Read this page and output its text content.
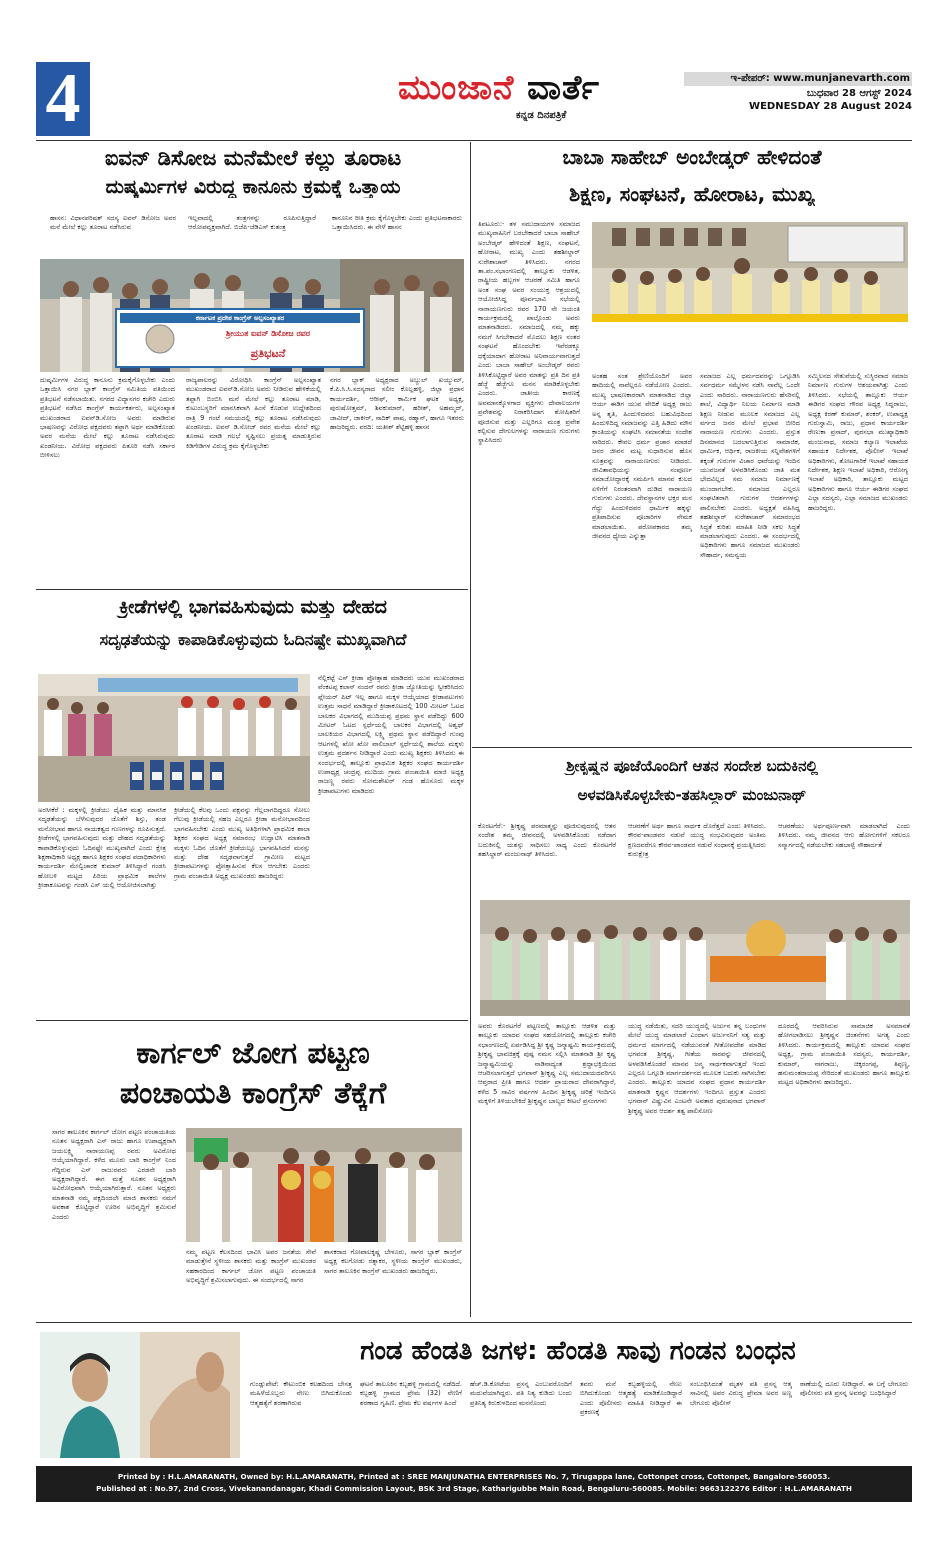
4	ಮುಂಜಾನೆ ವಾರ್ತೆ
ಕನ್ನಡ ದಿನಪತ್ರಿಕೆ
ಇ-ಪೇಪರ್: www.munjanevarth.com
ಬುಧವಾರ 28 ಆಗಸ್ಟ್ 2024
WEDNESDAY 28 August 2024
ಐವನ್ ಡಿಸೋಜ ಮನೆಮೇಲೆ ಕಲ್ಲು ತೂರಾಟ
ದುಷ್ಕರ್ಮಿಗಳ ವಿರುದ್ಧ ಕಾನೂನು ಕ್ರಮಕ್ಕೆ ಒತ್ತಾಯ
ಹಾಸನ: ವಿಧಾನಪರಿಷತ್ ಸದಸ್ಯ ಐವನ್ ಡಿಸೋಜ ಅವರ ಮನೆ ಮೇಲೆ ಕಲ್ಲು ತೂರಾಟ ನಡೆಸಿರುವ
ಇಲ್ಲವಾದಲ್ಲಿ ತಂತ್ರಗಳನ್ನು ರೂಪಿಸುತ್ತಿದ್ದಾರೆ ಆರೋಪವ್ಯಕ್ತವಾಗಿದೆ. ಬಿಜೆಪಿ-ಜೆಡಿಎಸ್ ಕುತಂತ್ರ
ಕಾನೂನಿನ ರೀತಿ ಕ್ರಮ ಕೈಗೊಳ್ಳಬೇಕು ಎಂದು ಪ್ರತಿಭಟನಾಕಾರರು ಒತ್ತಾಯಿಸಿದರು. ಈ ವೇಳೆ ಹಾಸನ
ಕರ್ನಾಟಕ ಪ್ರದೇಶ ಕಾಂಗ್ರೆಸ್ ಅಲ್ಪಸಂಖ್ಯಾತರ
ಶ್ರೀಯುತ ಐವನ್ ಡಿಸೋಜ ರವರ
ಪ್ರತಿಭಟನೆ
ದುಷ್ಕರ್ಮಿಗಳ ವಿರುದ್ಧ ಕಾನೂನು ಕ್ರಮಕೈಗೊಳ್ಳಬೇಕು ಎಂದು ಒತ್ತಾಯಿಸಿ ನಗರ ಬ್ಲಾಕ್ ಕಾಂಗ್ರೆಸ್ ಸಮಿತಿಯ ವತಿಯಿಂದ ಪ್ರತಿಭಟನೆ ನಡೆಸಲಾಯಿತು. ನಗರದ ವಿದ್ಯಾನಗರ ಕಚೇರಿ ಎದುರು ಪ್ರತಿಭಟನೆ ನಡೆಸಿದ ಕಾಂಗ್ರೆಸ್ ಕಾರ್ಯಕರ್ತರು, ಅಲ್ಪಸಂಖ್ಯಾತ ಮುಖಂಡರಾದ ಐವನ್‌ಡಿ.ಸೋಜ ಅವರು ಮಾಡಿರುವ ಭಾಷಣವನ್ನು ವಿರೋಧ ಪಕ್ಷದವರು ತಪ್ಪಾಗಿ ಅರ್ಥ ಮಾಡಿಕೊಂಡು ಅವರ ಮನೆಯ ಮೇಲೆ ಕಲ್ಲು ತೂರಾಟ ನಡೆಸಿರುವುದು ಖಂಡನೀಯ. ವಿರೋಧ ಪಕ್ಷದವರು ಪಿತೂರಿ ನಡೆಸಿ ಸರ್ಕಾರ ಬೀಳಿಸಲು
ರಾಜ್ಯಪಾಲರನ್ನು ವಿರೋಧಿಸಿ ಕಾಂಗ್ರೆಸ್ ಅಲ್ಪಸಂಖ್ಯಾತ ಮುಖಂಡರಾದ ಐವನ್‌ಡಿ.ಸೋಜ ಅವರು ನೀಡಿರುವ ಹೇಳಿಕೆಯಲ್ಲಿ ತಪ್ಪಾಗಿ ಬಿಂಬಿಸಿ ಮನೆ ಮೇಲೆ ಕಲ್ಲು ತೂರಾಟ ಮಾಡಿ, ಕುಟುಂಬಸ್ಥರಿಗೆ ಮಾನಸಿಕವಾಗಿ ಹಿಂಸೆ ಕೊಡುವ ಉದ್ದೇಶದಿಂದ ರಾತ್ರಿ 9 ಗಂಟೆ ಸಮಯದಲ್ಲಿ ಕಲ್ಲು ತೂರಾಟ ನಡೆಸಿರುವುದು ಖಂಡನೀಯ. ಐವನ್ ಡಿ.ಸೋಜ್ ರವರ ಮನೆಯ ಮೇಲೆ ಕಲ್ಲು ತೂರಾಟ ಮಾಡಿ ಗಲಭೆ ಸೃಷ್ಟಿಸಲು ಪ್ರಯತ್ನ ಮಾಡುತ್ತಿರುವ ಕಿಡಿಗೇಡಿಗಳ ವಿರುದ್ಧ ಕ್ರಮ ಕೈಗೊಳ್ಳಬೇಕು
ನಗರ ಬ್ಲಾಕ್ ಅಧ್ಯಕ್ಷರಾದ ಅಬ್ದುಲ್ ಖಯ್ಯುಮ್, ಕೆ.ಪಿ.ಸಿ.ಸಿ.ಸದಸ್ಯರಾದ ಸಲೀಂ ಕೊಲ್ಲಹಳ್ಳಿ, ಜಿಲ್ಲಾ ಪ್ರಧಾನ ಕಾರ್ಯದರ್ಶಿ, ಆರೀಫ್, ಕಾರ್ಮಿಕ ಘಟಕ ಅಧ್ಯಕ್ಷ, ಪುರುಷೋತ್ತಮ್, ಶಿವಕುಮಾರ್, ಹರೀಶ್, ಅಹಮ್ಮದ್, ಜಾವೀದ್, ಜಾಕೀರ್, ಸಾದಿಕ್ ಪಾಷ, ರಹ್ಮಾನ್, ಹಾಗೂ ಇತರರು ಹಾಜರಿದ್ದರು. ವರದಿ: ಯತೀಶ್ ಶೆಟ್ಟಿಹಳ್ಳಿ ಹಾಸನ
ಬಾಬಾ ಸಾಹೇಬ್ ಅಂಬೇಡ್ಕರ್ ಹೇಳಿದಂತೆ
ಶಿಕ್ಷಣ, ಸಂಘಟನೆ, ಹೋರಾಟ, ಮುಖ್ಯ
ತಿಪಟೂರು:- ತಳ ಸಮುದಾಯಗಳ ಸಮಾಜದ ಮುಖ್ಯವಾಹಿನಿಗೆ ಬರಬೇಕಾದರೆ ಬಾಬಾ ಸಾಹೇಬ್ ಅಂಬೇಡ್ಕರ್ ಹೇಳಿದಂತೆ ಶಿಕ್ಷಣ, ಸಂಘಟನೆ, ಹೋರಾಟ, ಮುಖ್ಯ ಎಂದು ತಹಶೀಲ್ದಾರ್ ಸುರೇಶಾಚಾರ್ ತಿಳಿಸಿದರು. ನಗರದ ತಾ.ಪಂ.ಸಭಾಂಗಣದಲ್ಲಿ ತಾಲ್ಲೂಕು ಆಡಳಿತ, ರಾಷ್ಟ್ರೀಯ ಹಬ್ಬಗಳ ಆಚರಣೆ ಸಮಿತಿ ಹಾಗೂ ಅಂತ ಸಂಘ ಅವರ ಸಂಯುಕ್ತ ಆಶ್ರಯದಲ್ಲಿ ಆಯೋಜಿಸಿದ್ದ ಪೂರ್ವಭಾವಿ ಸಭೆಯಲ್ಲಿ ನಾರಾಯಣಗುರು ರವರ 170 ನೇ ಜಯಂತಿ ಕಾರ್ಯಕ್ರಮದಲ್ಲಿ ಪಾಲ್ಗೊಂಡು ಅವರು ಮಾತನಾಡಿದರು. ಸಮಾಜದಲ್ಲಿ ನಮ್ಮ ಹಕ್ಕು ನಮಗೆ ಸಿಗಬೇಕಾದರೆ ಮೊದಲು ಶಿಕ್ಷಣ ನಂತರ ಸಂಘಟನೆ ಹೊಂದಬೇಕು ಇವೆರಡಕ್ಕೂ ಧಕ್ಕೆಯಾದಾಗ ಹೋರಾಟ ಅನಿವಾರ್ಯವಾಗುತ್ತದೆ ಎಂದು ಬಾಬಾ ಸಾಹೇಬ್ ಅಂಬೇಡ್ಕರ್ ರವರು ತಿಳಿಸಿಕೊಟ್ಟಿದ್ದಾರೆ ಅವರ ಮಾತನ್ನು ಪ್ರತಿ ದಿನ ಪ್ರತಿ ಹೆಜ್ಜೆ ಹೆಜ್ಜೆಗೂ ಮನನ ಮಾಡಿಕೊಳ್ಳಬೇಕು ಎಂದರು. ಜಾತೀಯ ಕಾರಣಕ್ಕೆ ಅವಮಾನಕ್ಕೊಳಗಾದ ವ್ಯಕ್ತಿಗಳು ದೇವಾಲಯಗಳ ಪ್ರವೇಶವನ್ನು ನಿರಾಕರಿಸಿದಾಗ ಶೋಷಿತರಿಗೆ ಪೂಜಿಸುವ ಮತ್ತು ಎಲ್ಲರಿಗೂ ಮಂತ್ರ ಪ್ರವೇಶ ಕಲ್ಪಿಸುವ ದೇಗುಲಗಳನ್ನು ನಾರಾಯಣ ಗುರುಗಳು ಸ್ಥಾಪಿಸಿದರು
ಅಂತಹ ಸಂತ ಶ್ರೇಣಿಯೊಂದಿಗೆ ಅವರ ಹಾದಿಯಲ್ಲಿ ನಾವೆಲ್ಲರೂ ನಡೆಯೋಣ ಎಂದರು. ಮುಖ್ಯ ಭಾಷಣಕಾರರಾಗಿ ಮಾತನಾಡಿದ ಜಿಲ್ಲಾ ಆರ್ಯ ಈಡಿಗ ಯುವ ವೇದಿಕೆ ಅಧ್ಯಕ್ಷ ರಾಜು ಅನ್ನ ತೃತಿ, ಹಿಂದುಳಿದವರು ಬಹುವಿಧದಿಂದ ಹಿಂದುಳಿದಿದ್ದ ಸಮಾಜವನ್ನು ಎತ್ತಿ ಹಿಡಿದು ಮೌನ ಕ್ರಾಂತಿಯನ್ನು ಸಂಘಟಿಸಿ ಸಮಾನತೆಯ ಸಂದೇಶ ಸಾರಿದರು. ಕೇವಲ ಧರ್ಮ ಪ್ರಚಾರ ಮಾಡದೆ ಜನರ ಜೀವನ ಮಟ್ಟ ಸುಧಾರಿಸುವ ಹೊಸ ಸೂತ್ರವನ್ನು ನಾರಾಯಣಗುರು ನೀಡಿದರು. ಜೀವಿತಾವಧಿಯನ್ನು ಸಂಪೂರ್ಣ ಸಮಾಜೋದ್ಧಾರಕ್ಕೆ ಸಮರ್ಪಿಸಿ ಮಾನವ ಕುಲದ ಏಳಿಗೆಗೆ ನಿರಂತರವಾಗಿ ದುಡಿದ ನಾರಾಯಣ ಗುರುಗಳು ಎಂದರು. ದೇವಸ್ಥಾನಗಳ ಭಕ್ತರ ಮನ ಗೆದ್ದು ಹಿಂದುಳಿದವರ ಧಾರ್ಮಿಕ ಹಕ್ಕನ್ನು ಪ್ರತಿಪಾದಿಸುವ ಪೂಜಾರಿಗಳ ನೇಮಕ ಮಾಡಲಾಯಿತು. ಪರೋಪಕಾರದ ತಮ್ಮ ಜೀವನದ ಧ್ಯೇಯ ಎನ್ನುತ್ತಾ
ಸಮಾಜದ ಎಲ್ಲ ಧರ್ಮದವರನ್ನು ಒಗ್ಗೂಡಿಸಿ ಸರ್ವಧರ್ಮ ಸಮ್ಮೇಳನ ನಡೆಸಿ ನಾವೆಲ್ಲ ಒಂದೇ ಎಂದು ಸಾರಿದರು. ನಾರಾಯಣಗುರು ಹೆಸರಿನಲ್ಲಿ ಶಾಲೆ, ವಿದ್ಯಾರ್ಥಿ ನಿಲಯ ನಿರ್ಮಾಣ ಮಾಡಿ ಶಿಕ್ಷಣ ನೀಡುವ ಮೂಲಕ ಸಮಾಜದ ಎಲ್ಲ ವರ್ಗದ ಜನರ ಮೇಲೆ ಪ್ರಭಾವ ಬೀರಿದ ನಾರಾಯಣ ಗುರುಗಳು ಎಂದರು. ಪ್ರಸ್ತುತ ದಿನಮಾನದ ಬದಲಾಗುತ್ತಿರುವ ಸಾಮಾಜಿಕ, ಧಾರ್ಮಿಕ, ಆರ್ಥಿಕ, ರಾಜಕೀಯ ಸನ್ನಿವೇಶಗಳಿಗೆ ತಕ್ಕಂತೆ ಗುರುಗಳ ವಿಚಾರ ಧಾರೆಯನ್ನು ಇಂದಿನ ಯುವಜನತೆ ಅಳವಡಿಸಿಕೊಂಡು ಜಾತಿ ಮತ ಭೇದವಿಲ್ಲದ ಸಮ ಸಮಾಜ ನಿರ್ಮಾಣಕ್ಕೆ ಮುಂದಾಗಬೇಕು. ಸಮಾಜದ ಎಲ್ಲರೂ ಸಂಘಟಿತರಾಗಿ ಗುರುಗಳ ಆದರ್ಶಗಳನ್ನು ಪಾಲಿಸಬೇಕು ಎಂದರು. ಅಧ್ಯಕ್ಷತೆ ವಹಿಸಿದ್ದ ತಹಶೀಲ್ದಾರ್ ಸುರೇಶಾಚಾರ್ ಸಮಾರಂಭದ ಸಿದ್ಧತೆ ಕುರಿತು ಮಾಹಿತಿ ನೀಡಿ ಸಕಲ ಸಿದ್ಧತೆ ಮಾಡಲಾಗುವುದು ಎಂದರು. ಈ ಸಂದರ್ಭದಲ್ಲಿ ಅಧಿಕಾರಿಗಳು ಹಾಗೂ ಸಮಾಜದ ಮುಖಂಡರು ಸೌಹಾರ್ದ, ಸಮನ್ವಯ
ಸಮ್ಮಿಲನದ ಸೇತುವೆಯಲ್ಲಿ ಸುಸ್ಥಿರವಾದ ಸಮಾಜ ನಿರ್ಮಾಣ ಗುರುಗಳ ಆಶಯವಾಗಿತ್ತು ಎಂದು ತಿಳಿಸಿದರು. ಸಭೆಯಲ್ಲಿ ತಾಲ್ಲೂಕು ಆರ್ಯ ಈಡಿಗರ ಸಂಘದ ಗೌರವ ಅಧ್ಯಕ್ಷ ಸಿದ್ದರಾಜು, ಅಧ್ಯಕ್ಷ ಕಿರಣ್ ಕುಮಾರ್, ಶಂಕರ್, ಉಪಾಧ್ಯಕ್ಷ ಗುರುಸ್ವಾಮಿ, ರಾಜು, ಪ್ರಧಾನ ಕಾರ್ಯದರ್ಶಿ ರೇಣುಕಾ ಪ್ರಸಾದ್, ಪುರಸಭಾ ಮುಖ್ಯಾಧಿಕಾರಿ ಮಂಜುನಾಥ, ಸಮಾಜ ಕಲ್ಯಾಣ ಇಲಾಖೆಯ ಸಹಾಯಕ ನಿರ್ದೇಶಕ, ಪೊಲೀಸ್ ಇಲಾಖೆ ಅಧಿಕಾರಿಗಳು, ತೋಟಗಾರಿಕೆ ಇಲಾಖೆ ಸಹಾಯಕ ನಿರ್ದೇಶಕ, ಶಿಕ್ಷಣ ಇಲಾಖೆ ಅಧಿಕಾರಿ, ಆರೋಗ್ಯ ಇಲಾಖೆ ಅಧಿಕಾರಿ, ತಾಲ್ಲೂಕು ಮಟ್ಟದ ಅಧಿಕಾರಿಗಳು ಹಾಗೂ ಆರ್ಯ ಈಡಿಗರ ಸಂಘದ ಎಲ್ಲಾ ಸದಸ್ಯರು, ಎಲ್ಲಾ ಸಮಾಜದ ಮುಖಂಡರು ಹಾಜರಿದ್ದರು.
ಕ್ರೀಡೆಗಳಲ್ಲಿ ಭಾಗವಹಿಸುವುದು ಮತ್ತು ದೇಹದ
ಸದೃಢತೆಯನ್ನು ಕಾಪಾಡಿಕೊಳ್ಳುವುದು ಓದಿನಷ್ಟೇ ಮುಖ್ಯವಾಗಿದೆ
ನೆಲ್ಲಿಕಟ್ಟೆ ಎಸ್ ಕ್ರೀಡಾ ಪ್ರೋತ್ಸಾಹ ಮಾಡಿದರು ಯುವ ಮುಖಂಡರಾದ ವೆಂಕಟಪ್ಪ ಕಲಾನ್ ನಂದನ್ ರವರು ಕ್ರೀಡಾ ಜ್ಯೋತಿಯನ್ನು ಸ್ವೀಕರಿಸಿದರು ಪ್ಲೇಯರ್ ಪಿಟ್ ಇಲ್ಲ ಹಾಗೂ ಮಕ್ಕಳ ಆಯ್ಕೆಯಾದ ಕ್ರೀಡಾಪಟುಗಳು ಉತ್ತಮ ಸಾಧನೆ ಮಾಡಿದ್ದಾರೆ ಕ್ರೀಡಾಕೂಟದಲ್ಲಿ 100 ಮೀಟರ್ ಓಟದ ಬಾಲಕರ ವಿಭಾಗದಲ್ಲಿ ಮುದಿಯಪ್ಪ ಪ್ರಥಮ ಸ್ಥಾನ ಪಡೆದಿದ್ದು 600 ಮೀಟರ್ ಓಟದ ಸ್ಪರ್ಧೆಯಲ್ಲಿ ಬಾಲಕರ ವಿಭಾಗದಲ್ಲಿ ಅಶ್ವಥ್ ಬಾಲಕಿಯರ ವಿಭಾಗದಲ್ಲಿ ಲಕ್ಷ್ಮಿ ಪ್ರಥಮ ಸ್ಥಾನ ಪಡೆದಿದ್ದಾರೆ ಗುಂಪು ಆಟಗಳಲ್ಲಿ ಖೋ ಖೋ ವಾಲಿಬಾಲ್ ಸ್ಪರ್ಧೆಯಲ್ಲಿ ಶಾಲೆಯ ಮಕ್ಕಳು ಉತ್ತಮ ಪ್ರದರ್ಶನ ನೀಡಿದ್ದಾರೆ ಎಂದು ಮುಖ್ಯ ಶಿಕ್ಷಕರು ತಿಳಿಸಿದರು ಈ ಸಂದರ್ಭದಲ್ಲಿ ತಾಲ್ಲೂಕು ಪ್ರಾಥಮಿಕ ಶಿಕ್ಷಕರ ಸಂಘದ ಕಾರ್ಯದರ್ಶಿ ಉಪಾಧ್ಯಕ್ಷ ಚಂದ್ರಪ್ಪ ಮುದಿಯ ಗ್ರಾಮ ಪಂಚಾಯಿತಿ ಮಾಜಿ ಅಧ್ಯಕ್ಷ ರಾಜಣ್ಣ ರವರು ಸೋಮಶೇಖರ್ ಗಂಡ ಹೊಸೂರು ಮಕ್ಕಳ ಕ್ರೀಡಾಪಟುಗಳು ಮಾಡಿದರು
ಅರಸೀಕೆರೆ : ಮಕ್ಕಳಲ್ಲಿ ಕ್ರೀಡೆಯು ದೈಹಿಕ ಮತ್ತು ಮಾನಸಿಕ ಸದೃಢತೆಯನ್ನು ಬೆಳೆಸುವುದರ ಜೊತೆಗೆ ಶಿಸ್ತು, ತಂಡ ಮನೋಭಾವ ಹಾಗೂ ನಾಯಕತ್ವದ ಗುಣಗಳನ್ನು ರೂಪಿಸುತ್ತದೆ. ಕ್ರೀಡೆಗಳಲ್ಲಿ ಭಾಗವಹಿಸುವುದು ಮತ್ತು ದೇಹದ ಸದೃಢತೆಯನ್ನು ಕಾಪಾಡಿಕೊಳ್ಳುವುದು ಓದಿನಷ್ಟೇ ಮುಖ್ಯವಾಗಿದೆ ಎಂದು ಕ್ಷೇತ್ರ ಶಿಕ್ಷಣಾಧಿಕಾರಿ ಅಧ್ಯಕ್ಷ ಹಾಗೂ ಶಿಕ್ಷಕರ ಸಂಘದ ಪದಾಧಿಕಾರಿಗಳು ಕಾರ್ಯದರ್ಶಿ ಮೇಲ್ವಿಚಾರಕ ಕುಮಾರ್ ತಿಳಿಸಿದ್ದಾರೆ ಗಂಡಸಿ ಹೋಬಳಿ ಮಟ್ಟದ ಪಿರಿಯ ಪ್ರಾಥಮಿಕ ಶಾಲೆಗಳ ಕ್ರೀಡಾಕೂಟವನ್ನು ಗಂಡಸಿ ಎಸ್ ಯಲ್ಲಿ ಆಯೋಜಿಸಲಾಗಿತ್ತು
ಕ್ರೀಡೆಯಲ್ಲಿ ಕೆಲವು ಒಂದು ಪಕ್ಷವನ್ನು ಗೆಲ್ಲಲಾಗದಿದ್ದರೂ ಸೋಲು ಗೆಲುವು ಕ್ರೀಡೆಯಲ್ಲಿ ಸಹಜ ಎಲ್ಲರೂ ಕ್ರೀಡಾ ಮನೋಭಾವದಿಂದ ಭಾಗವಹಿಸಬೇಕು ಎಂದು ಮುಖ್ಯ ಅತಿಥಿಗಳಾಗಿ ಪ್ರಾಥಮಿಕ ಶಾಲಾ ಶಿಕ್ಷಕರ ಸಂಘದ ಅಧ್ಯಕ್ಷ ಸಮಾರಂಭ ಉದ್ಘಾಟಿಸಿ ಮಾತನಾಡಿ ಮಕ್ಕಳು ಓದಿನ ಜೊತೆಗೆ ಕ್ರೀಡೆಯಲ್ಲೂ ಭಾಗವಹಿಸಿದರೆ ಮನಸ್ಸು ಮತ್ತು ದೇಹ ಸದೃಢವಾಗುತ್ತದೆ ಗ್ರಾಮೀಣ ಮಟ್ಟದ ಕ್ರೀಡಾಪಟುಗಳನ್ನು ಪ್ರೋತ್ಸಾಹಿಸುವ ಕೆಲಸ ಆಗಬೇಕು ಎಂದರು ಗ್ರಾಮ ಪಂಚಾಯಿತಿ ಅಧ್ಯಕ್ಷ ಮುಖಂಡರು ಹಾಜರಿದ್ದರು
ಶ್ರೀಕೃಷ್ಣನ ಪೂಜೆಯೊಂದಿಗೆ ಆತನ ಸಂದೇಶ ಬದುಕಿನಲ್ಲಿ
ಅಳವಡಿಸಿಕೊಳ್ಳಬೇಕು-ತಹಸಿಲ್ದಾರ್ ಮಂಜುನಾಥ್
ಕೊರಟಗೆರೆ:- ಶ್ರೀಕೃಷ್ಣ ಪರಮಾತ್ಮನ್ನು ಪೂಜಿಸುವುದರಲ್ಲಿ ಆತನ ಸಂದೇಶ ತಮ್ಮ ಜೀವನದಲ್ಲಿ ಅಳವಡಿಸಿಕೊಂಡು ನಡೆದಾಗ ಬದುಕಿನಲ್ಲಿ ಯಶಸ್ಸು ಸಾಧಿಸಲು ಸಾಧ್ಯ ಎಂದು ಕೊರಟಗೆರೆ ತಹಸಿಲ್ದಾರ್ ಮಂಜುನಾಥ್ ತಿಳಿಸಿದರು.
ಆಚರಣೆಗೆ ಅರ್ಥ ಹಾಗೂ ಸಾರ್ಥಕ ದೊರೆತ್ತದೆ ಎಂದು ತಿಳಿಸಿದರು. ಕೌರವ-ಪಾಂಡವರ ನಡುವೆ ಯುದ್ಧ ಸಂಭವಿಸುವುದರ ಅಂತಿಮ ಕ್ಷಣದವರೆಗೂ ಕೌರವ-ಪಾಂಡವರ ನಡುವೆ ಸಂಧಾನಕ್ಕೆ ಪ್ರಯತ್ನಿಸಿದರು ಕುರುಕ್ಷೇತ್ರ
ಆಚರಣೆಯು ಅರ್ಥಪೂರ್ಣವಾಗಿ ಮಾಡಲಾಗಿದೆ ಎಂದು ತಿಳಿಸಿದರು. ನಮ್ಮ ಜೀವನದ ಆಗು ಹೋಗುಗಳಿಗೆ ಸಕಲರೂ ಸನ್ಮಾರ್ಗದಲ್ಲಿ ನಡೆಯಬೇಕು ಸಹಬಾಳ್ವೆ ಸೌಹಾರ್ದತೆ
ಅವರು ಕೊರಟಗೆರೆ ಪಟ್ಟಣದಲ್ಲಿ ತಾಲ್ಲೂಕು ಆಡಳಿತ ಮತ್ತು ತಾಲ್ಲೂಕು ಯಾದವ ಸಂಘದ ಸಹಯೋಗದಲ್ಲಿ ತಾಲ್ಲೂಕು ಕಚೇರಿ ಸಭಾಂಗಣದಲ್ಲಿ ಏರ್ಪಡಿಸಿದ್ದ ಶ್ರೀ ಕೃಷ್ಣ ಜನ್ಮಾಷ್ಟಮಿ ಕಾರ್ಯಕ್ರಮದಲ್ಲಿ ಶ್ರೀಕೃಷ್ಣ ಭಾವಚಿತ್ರಕ್ಕೆ ಪುಷ್ಪ ನಮನ ಸಲ್ಲಿಸಿ ಮಾತನಾಡಿ ಶ್ರೀ ಕೃಷ್ಣ ಜನ್ಮಾಷ್ಟಮಿಯನ್ನು ನಾಡಿನಾದ್ಯಂತ ಶ್ರದ್ಧಾಭಕ್ತಿಯಿಂದ ಆಚರಿಸಲಾಗುತ್ತದೆ ಭಗವಾನ್ ಶ್ರೀಕೃಷ್ಣ ಎಲ್ಲ ಸಮುದಾಯದವರಿಗೂ ಆಪ್ತರಾದ ಪ್ರೀತಿ ಹಾಗೂ ಆದರ್ಶ ಪ್ರಾಯರಾದ ದೇವರಾಗಿದ್ದಾರೆ, ಕಳೆದ 5 ಸಾವಿರ ವರ್ಷಗಳ ಹಿಂದಿನ ಶ್ರೀಕೃಷ್ಣ ಚರಿತ್ರೆ ಇಂದಿಗೂ ಮಕ್ಕಳಿಗೆ ತಿಳಿಯಬೇಕಿದೆ ಶ್ರೀಕೃಷ್ಣನ ಬಾಲ್ಯದ ಕೀಟಲೆ ಪ್ರಸಂಗಗಳು
ಯುದ್ಧ ನಡೆಯಿತು, ಸದರಿ ಯುದ್ಧದಲ್ಲಿ ಅರ್ಜುನ ತನ್ನ ಬಂಧುಗಳ ಮೇಲೆ ಯುದ್ಧ ಮಾಡಲಾರೆ ಎಂದಾಗ ಅರ್ಜುನನಿಗೆ ಸತ್ಯ ಮತ್ತು ಧರ್ಮದ ಮಾರ್ಗದಲ್ಲಿ ನಡೆಯುವಂತೆ ಗೀತೋಪದೇಶ ಮಾಡಿದ ಭಗವಂತ ಶ್ರೀಕೃಷ್ಣ, ಗೀತೆಯ ಸಾರವನ್ನು ಜೀವನದಲ್ಲಿ ಅಳವಡಿಸಿಕೊಂಡರೆ ಮಾನವ ಜನ್ಮ ಸಾರ್ಥಕವಾಗುತ್ತದೆ ಇಂದು ಎಲ್ಲರೂ ಒಗ್ಗೂಡಿ ಮಾರ್ಗದರ್ಶನದ ಮೂಲಕ ಬದುಕು ಸಾಗಿಸಬೇಕು ಎಂದರು. ತಾಲ್ಲೂಕು ಯಾದವ ಸಂಘದ ಪ್ರಧಾನ ಕಾರ್ಯದರ್ಶಿ ಮಾತನಾಡಿ ಕೃಷ್ಣನ ಆದರ್ಶಗಳು ಇಂದಿಗೂ ಪ್ರಸ್ತುತ ಎಂದರು ಭಗವಾನ್ ವಿಷ್ಣುವಿನ ಎಂಟನೇ ಅವತಾರ ಪುರುಷನಾದ ಭಗವಾನ್ ಶ್ರೀಕೃಷ್ಣ ಅವರ ಆದರ್ಶ ತತ್ವ ಪಾಲಿಸೋಣ
ದೂರದಲ್ಲಿ ಆವರಿಸಿರುವ ಸಾಮಾಜಿಕ ಅಸಮಾನತೆ ಹೋಗಲಾಡಿಸಲು ಶ್ರೀಕೃಷ್ಣನ ಚಿಂತನೆಗಳು ಅಗತ್ಯ ಎಂದು ತಿಳಿಸಿದರು. ಕಾರ್ಯಕ್ರಮದಲ್ಲಿ ತಾಲ್ಲೂಕು ಯಾದವ ಸಂಘದ ಅಧ್ಯಕ್ಷ, ಗ್ರಾಮ ಪಂಚಾಯಿತಿ ಸದಸ್ಯರು, ಕಾರ್ಯದರ್ಶಿ, ಕುಮಾರ್, ನಾಗರಾಜು, ಚಿಕ್ಕರಂಗಪ್ಪ, ತಿಪ್ಪಣ್ಣ, ಹನುಮಂತರಾಯಪ್ಪ ಸೇರಿದಂತೆ ಮುಖಂಡರು ಹಾಗೂ ತಾಲ್ಲೂಕು ಮಟ್ಟದ ಅಧಿಕಾರಿಗಳು ಹಾಜರಿದ್ದರು.
ಕಾರ್ಗಲ್ ಜೋಗ ಪಟ್ಟಣ
ಪಂಚಾಯತಿ ಕಾಂಗ್ರೆಸ್ ತೆಕ್ಕೆಗೆ
ಸಾಗರ ತಾಲೂಕಿನ ಕಾರ್ಗಲ್ ಜೋಗ ಪಟ್ಟಣ ಪಂಚಾಯತಿಯ ನೂತನ ಅಧ್ಯಕ್ಷರಾಗಿ ಎಸ್ ರಾಜು ಹಾಗೂ ಉಪಾಧ್ಯಕ್ಷರಾಗಿ ಜಯಲಕ್ಷ್ಮಿ ನಾರಾಯಣಪ್ಪ ರವರು ಅವಿರೋಧ ಆಯ್ಕೆಯಾಗಿದ್ದಾರೆ. ಕಳೆದ ಮೂರು ಬಾರಿ ಕಾಂಗ್ರೆಸ್ ನಿಂದ ಗೆದ್ದಿರುವ ಎಸ್ ರಾಜುರವರು ಎರಡನೇ ಬಾರಿ ಅಧ್ಯಕ್ಷರಾಗಿದ್ದಾರೆ. ಈಗ ಮತ್ತೆ ನೂತನ ಅಧ್ಯಕ್ಷರಾಗಿ ಅವಿರೋಧವಾಗಿ ಆಯ್ಕೆಯಾಗಿರುತ್ತಾರೆ. ನೂತನ ಅಧ್ಯಕ್ಷರು ಮಾತನಾಡಿ ನಮ್ಮ ಪಕ್ಷದಿಂದಲೇ ಮಾಜಿ ಶಾಸಕರು ನಮಗೆ ಅವಕಾಶ ಕೊಟ್ಟಿದ್ದಾರೆ ಊರಿನ ಅಭಿವೃದ್ಧಿಗೆ ಶ್ರಮಿಸುವೆ ಎಂದರು
ನಮ್ಮ ಪಟ್ಟಣ ಕೆಲಸದಿಂದ ಭಾವಿಸಿ ಅವರ ಜನತೆಯ ಸೇವೆ ಮಾಡುತ್ತೇನೆ ಸ್ಥಳೀಯ ಶಾಸಕರು ಮತ್ತು ಕಾಂಗ್ರೆಸ್ ಮುಖಂಡರ ಸಹಕಾರದಿಂದ ಕಾರ್ಗಲ್ ಜೋಗ ಪಟ್ಟಣ ಪಂಚಾಯತಿ ಅಭಿವೃದ್ಧಿಗೆ ಶ್ರಮಿಸಲಾಗುವುದು. ಈ ಸಂದರ್ಭದಲ್ಲಿ ಸಾಗರ
ಶಾಸಕರಾದ ಗೋಪಾಲಕೃಷ್ಣ ಬೇಳೂರು, ಸಾಗರ ಬ್ಲಾಕ್ ಕಾಂಗ್ರೆಸ್ ಅಧ್ಯಕ್ಷ ಕಲಗೋಡು ರತ್ನಾಕರ, ಸ್ಥಳೀಯ ಕಾಂಗ್ರೆಸ್ ಮುಖಂಡರು, ಸಾಗರ ತಾಲೂಕಿನ ಕಾಂಗ್ರೆಸ್ ಮುಖಂಡರು ಹಾಜರಿದ್ದರು.
ಗಂಡ ಹೆಂಡತಿ ಜಗಳ: ಹೆಂಡತಿ ಸಾವು ಗಂಡನ ಬಂಧನ
ಗುಂಡ್ಲುಪೇಟೆ: ಕೌಟುಂಬಿಕ ಕಲಹದಿಂದ ಬೇಸತ್ತ ಮಹಿಳೆಯೊಬ್ಬರು ನೇಣು ಬಿಗಿದುಕೊಂಡು ಆತ್ಮಹತ್ಯೆಗೆ ಶರಣಾಗಿರುವ
ಘಟನೆ ತಾಲೂಕಿನ ಕಬ್ಬಹಳ್ಳಿ ಗ್ರಾಮದಲ್ಲಿ ನಡೆದಿದೆ. ಕಬ್ಬಹಳ್ಳಿ ಗ್ರಾಮದ ಪ್ರೇಮ (32) ನೇಣಿಗೆ ಶರಣಾದ ಗೃಹಿಣಿ. ಪ್ರೇಮ ಕೆಲ ವರ್ಷಗಳ ಹಿಂದೆ
ಹೆಚ್.ಡಿ.ಕೋಟೆಯ ಪ್ರಸನ್ನ ಎಂಬುವರೊಂದಿಗೆ ಮದುವೆಯಾಗಿದ್ದರು. ಪತಿ ನಿತ್ಯ ಕುಡಿದು ಬಂದು ಪ್ರತಿನಿತ್ಯ ಕಿರುಕುಳದಿಂದ ಮನನೊಂದು
ತವರು ಮನೆ ಕಬ್ಬಹಳ್ಳಿಯಲ್ಲಿ ನೇಣು ಬಿಗಿದುಕೊಂಡು ಆತ್ಮಹತ್ಯೆ ಮಾಡಿಕೊಂಡಿದ್ದಾರೆ ಎಂದು ಪೊಲೀಸರು ಮಾಹಿತಿ ನೀಡಿದ್ದಾರೆ ಈ ಪ್ರಕರಣಕ್ಕೆ
ಸಂಬಂಧಿಸಿದಂತೆ ಮೃತಳ ಪತಿ ಪ್ರಸನ್ನ ಆತ್ಮ ಸಾವಿನಲ್ಲಿ ಅವರ ವಿರುದ್ಧ ಪ್ರೇಮಾ ಅವರ ಅಣ್ಣ ಬೇಗೂರು ಪೊಲೀಸ್
ಠಾಣೆಯಲ್ಲಿ ದೂರು ನೀಡಿದ್ದಾರೆ. ಈ ಬಗ್ಗೆ ಬೇಗೂರು ಪೊಲೀಸರು ಪತಿ ಪ್ರಸನ್ನ ಅವರನ್ನು ಬಂಧಿಸಿದ್ದಾರೆ
Printed by : H.L.AMARANATH, Owned by: H.L.AMARANATH, Printed at : SREE MANJUNATHA ENTERPRISES No. 7, Tirugappa lane, Cottonpet cross, Cottonpet, Bangalore-560053.
Published at : No.97, 2nd Cross, Vivekanandanagar, Khadi Commission Layout, BSK 3rd Stage, Katharigubbe Main Road, Bengaluru-560085. Mobile: 9663122276 Editor : H.L.AMARANATH
